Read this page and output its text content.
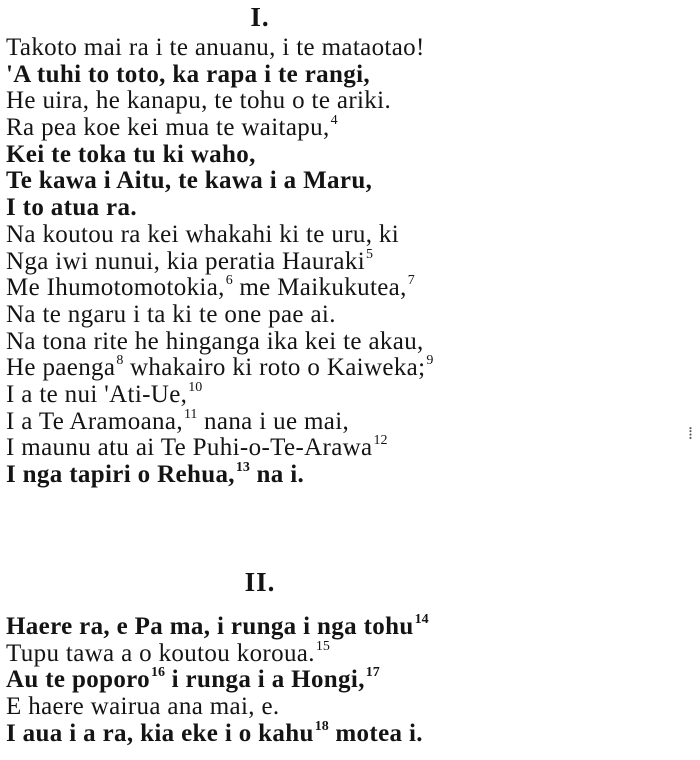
I.
Takoto mai ra i te anuanu, i te mataotao!
'A tuhi to toto, ka rapa i te rangi,
He uira, he kanapu, te tohu o te ariki.
Ra pea koe kei mua te waitapu,$^4$
Kei te toka tu ki waho,
Te kawa i Aitu, te kawa i a Maru,
I to atua ra.
Na koutou ra kei whakahi ki te uru, ki
Nga iwi nunui, kia peratia Hauraki$^5$
Me Ihumotomotokia,$^6$ me Maikukutea,$^7$
Na te ngaru i ta ki te one pae ai.
Na tona rite he hinganga ika kei te akau,
He paenga$^8$ whakairo ki roto o Kaiweka;$^9$
I a te nui 'Ati-Ue,$^{10}$
I a Te Aramoana,$^{11}$ nana i ue mai,
I maunu atu ai Te Puhi-o-Te-Arawa$^{12}$
I nga tapiri o Rehua,$^{13}$ na i.
II.
Haere ra, e Pa ma, i runga i nga tohu$^{14}$
Tupu tawa a o koutou koroua.$^{15}$
Au te poporo$^{16}$ i runga i a Hongi,$^{17}$
E haere wairua ana mai, e.
I aua i a ra, kia eke i o kahu$^{18}$ motea i.
⁞
